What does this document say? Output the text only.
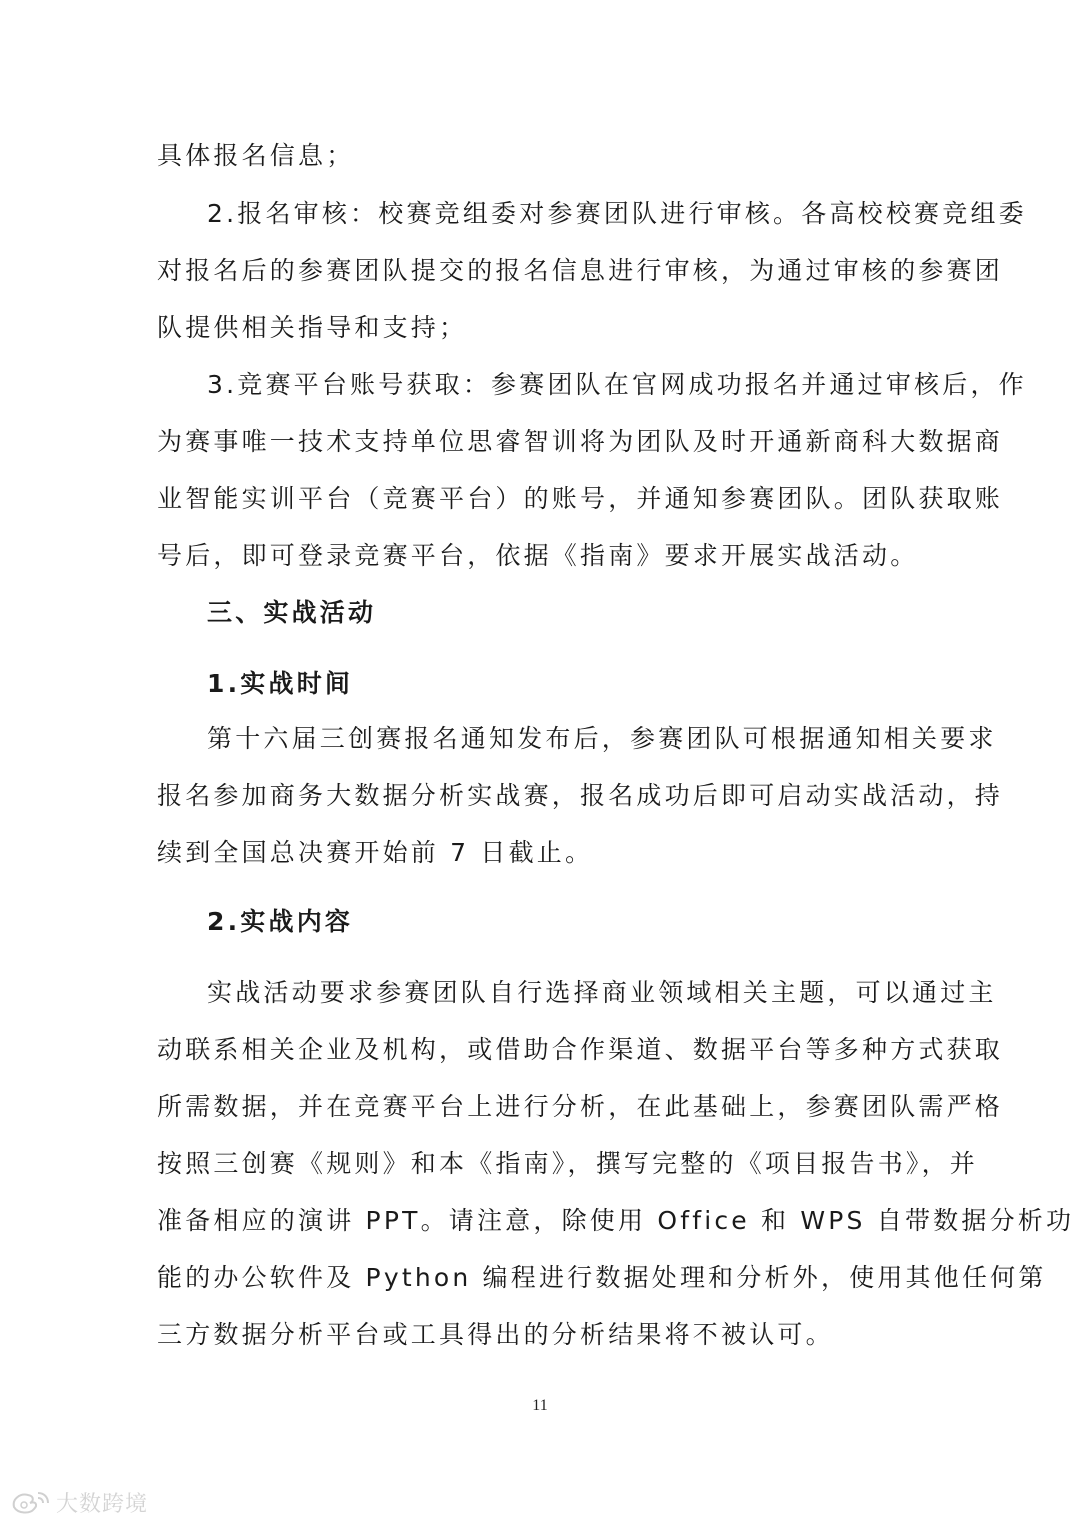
具体报名信息；
2.报名审核：校赛竞组委对参赛团队进行审核。各高校校赛竞组委
对报名后的参赛团队提交的报名信息进行审核，为通过审核的参赛团
队提供相关指导和支持；
3.竞赛平台账号获取：参赛团队在官网成功报名并通过审核后，作
为赛事唯一技术支持单位思睿智训将为团队及时开通新商科大数据商
业智能实训平台（竞赛平台）的账号，并通知参赛团队。团队获取账
号后，即可登录竞赛平台，依据《指南》要求开展实战活动。
三、实战活动
1.实战时间
第十六届三创赛报名通知发布后，参赛团队可根据通知相关要求
报名参加商务大数据分析实战赛，报名成功后即可启动实战活动，持
续到全国总决赛开始前 7 日截止。
2.实战内容
实战活动要求参赛团队自行选择商业领域相关主题，可以通过主
动联系相关企业及机构，或借助合作渠道、数据平台等多种方式获取
所需数据，并在竞赛平台上进行分析，在此基础上，参赛团队需严格
按照三创赛《规则》和本《指南》，撰写完整的《项目报告书》，并
准备相应的演讲 PPT。请注意，除使用 Office 和 WPS 自带数据分析功
能的办公软件及 Python 编程进行数据处理和分析外，使用其他任何第
三方数据分析平台或工具得出的分析结果将不被认可。
11
大数跨境
